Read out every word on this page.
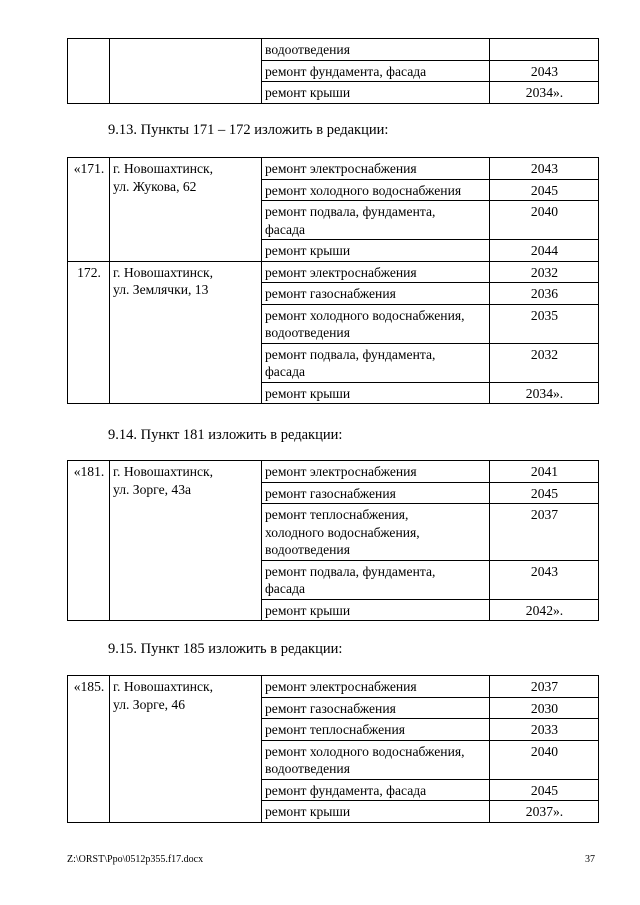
		водоотведения	

		ремонт фундамента, фасада	2043

		ремонт крыши	2034».
9.13. Пункты 171 – 172 изложить в редакции:
«171.	г. Новошахтинск,
ул. Жукова, 62	ремонт электроснабжения	2043

		ремонт холодного водоснабжения	2045

		ремонт подвала, фундамента,
фасада	2040

		ремонт крыши	2044
172.	г. Новошахтинск,
ул. Землячки, 13	ремонт электроснабжения	2032

		ремонт газоснабжения	2036

		ремонт холодного водоснабжения,
водоотведения	2035

		ремонт подвала, фундамента,
фасада	2032

		ремонт крыши	2034».
9.14. Пункт 181 изложить в редакции:
«181.	г. Новошахтинск,
ул. Зорге, 43а	ремонт электроснабжения	2041

		ремонт газоснабжения	2045

		ремонт теплоснабжения,
холодного водоснабжения,
водоотведения	2037

		ремонт подвала, фундамента,
фасада	2043

		ремонт крыши	2042».
9.15. Пункт 185 изложить в редакции:
«185.	г. Новошахтинск,
ул. Зорге, 46	ремонт электроснабжения	2037

		ремонт газоснабжения	2030

		ремонт теплоснабжения	2033

		ремонт холодного водоснабжения,
водоотведения	2040

		ремонт фундамента, фасада	2045

		ремонт крыши	2037».
Z:\ORST\Ppo\0512p355.f17.docx	37
